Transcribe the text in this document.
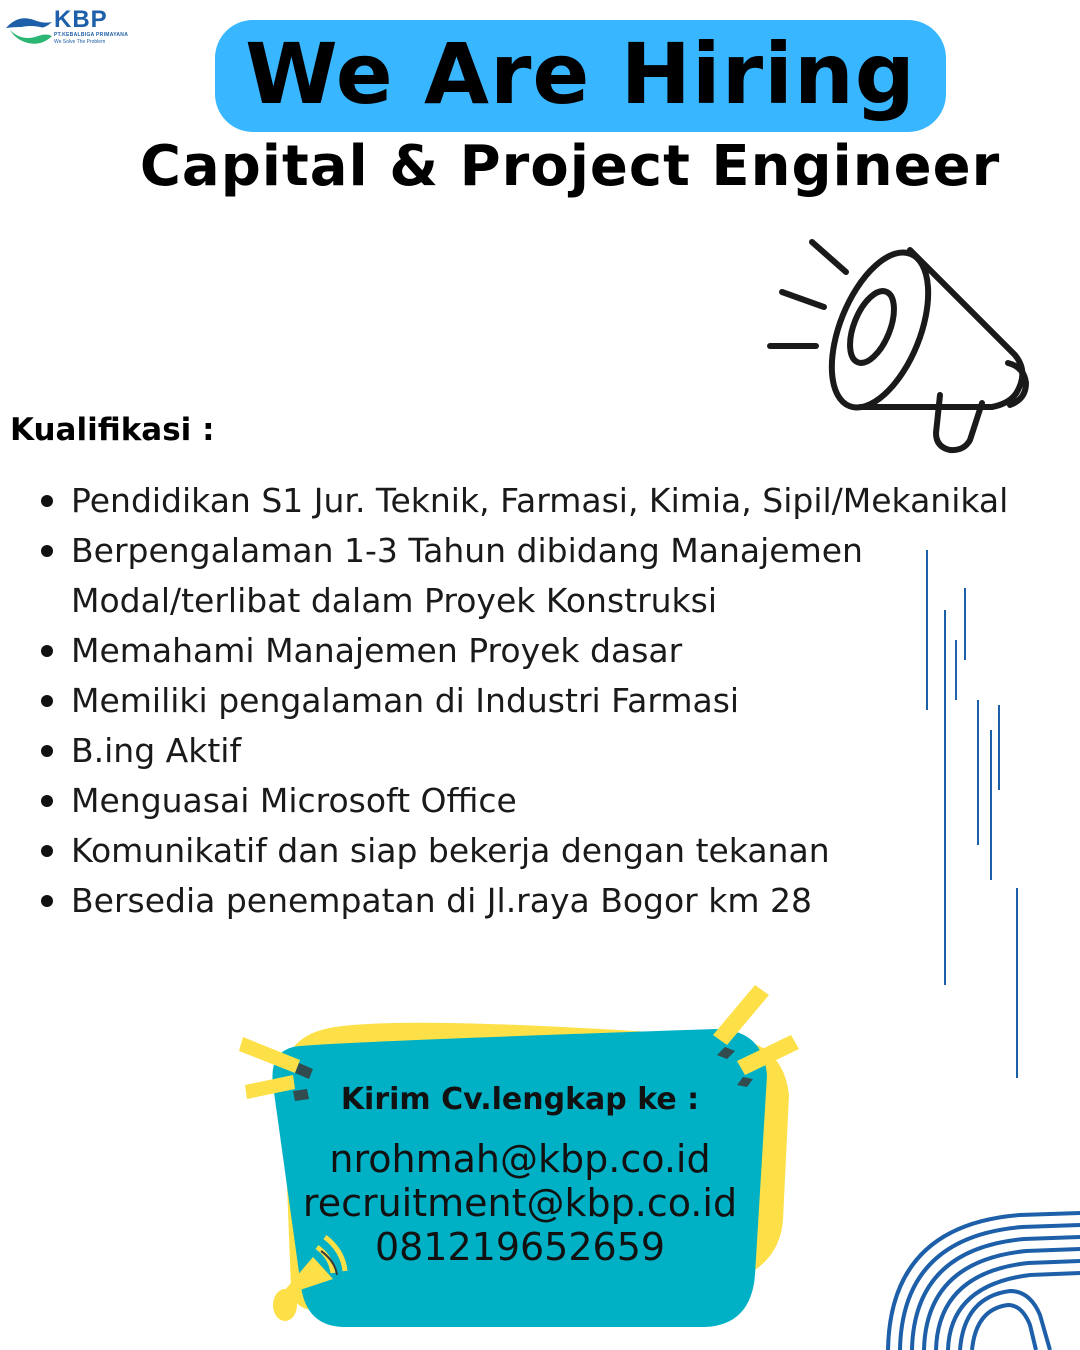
KBP
PT.KEBALBIGA PRIMAYANA
We Solve The Problem	We Are Hiring
Capital & Project Engineer
Kualifikasi :
Pendidikan S1 Jur. Teknik, Farmasi, Kimia, Sipil/Mekanikal
Berpengalaman 1-3 Tahun dibidang Manajemen Modal/terlibat dalam Proyek Konstruksi
Memahami Manajemen Proyek dasar
Memiliki pengalaman di Industri Farmasi
B.ing Aktif
Menguasai Microsoft Office
Komunikatif dan siap bekerja dengan tekanan
Bersedia penempatan di Jl.raya Bogor km 28
Kirim Cv.lengkap ke :
nrohmah@kbp.co.id
recruitment@kbp.co.id
081219652659
